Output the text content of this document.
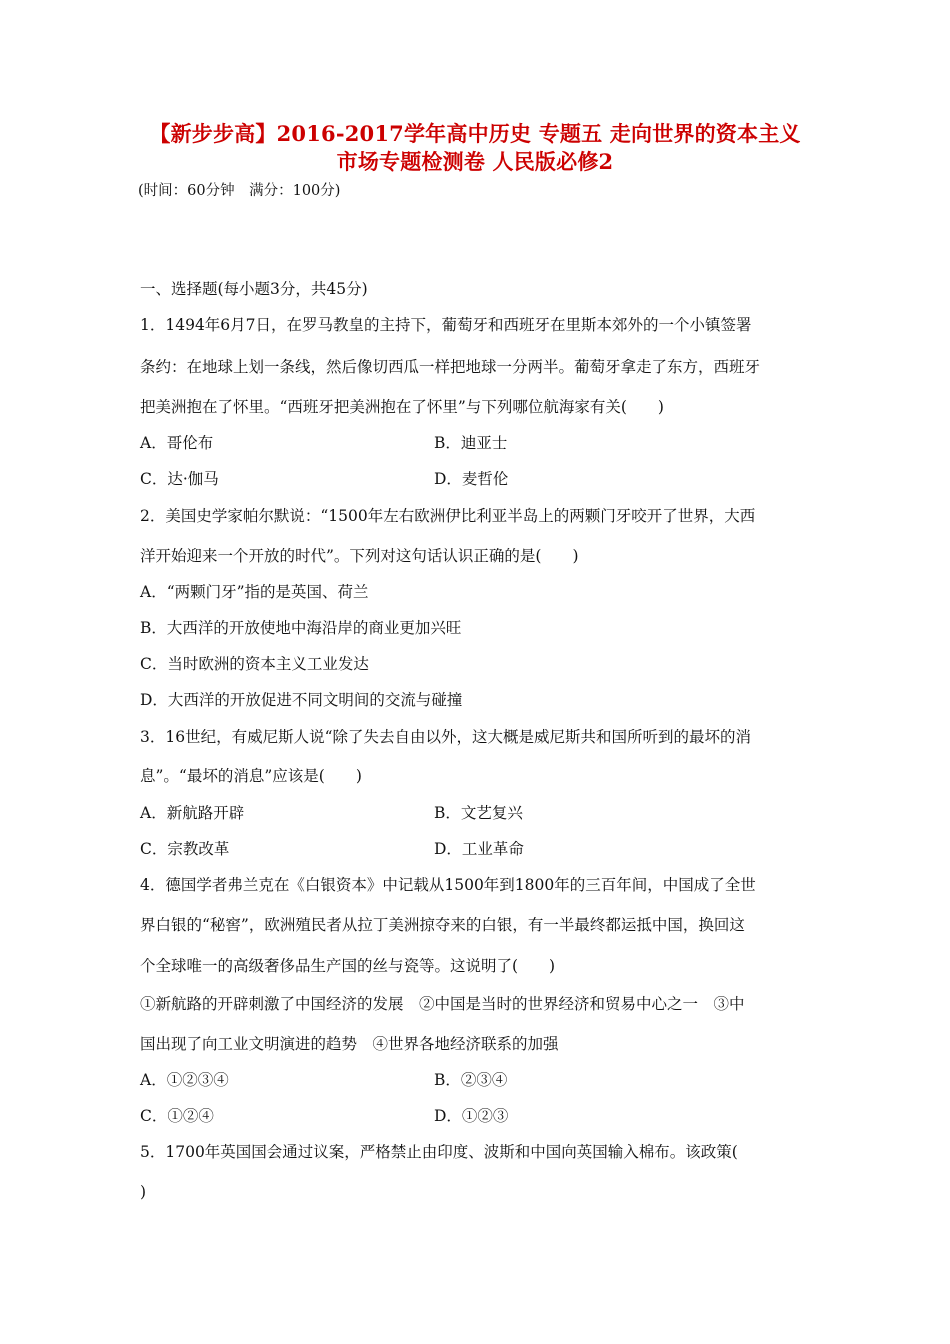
【新步步高】2016-2017学年高中历史 专题五 走向世界的资本主义
市场专题检测卷 人民版必修2
(时间：60分钟　满分：100分)
一、选择题(每小题3分，共45分)
1．1494年6月7日，在罗马教皇的主持下，葡萄牙和西班牙在里斯本郊外的一个小镇签署
条约：在地球上划一条线，然后像切西瓜一样把地球一分两半。葡萄牙拿走了东方，西班牙
把美洲抱在了怀里。“西班牙把美洲抱在了怀里”与下列哪位航海家有关(　　)
A．哥伦布	B．迪亚士
C．达·伽马	D．麦哲伦
2．美国史学家帕尔默说：“1500年左右欧洲伊比利亚半岛上的两颗门牙咬开了世界，大西
洋开始迎来一个开放的时代”。下列对这句话认识正确的是(　　)
A．“两颗门牙”指的是英国、荷兰
B．大西洋的开放使地中海沿岸的商业更加兴旺
C．当时欧洲的资本主义工业发达
D．大西洋的开放促进不同文明间的交流与碰撞
3．16世纪，有威尼斯人说“除了失去自由以外，这大概是威尼斯共和国所听到的最坏的消
息”。“最坏的消息”应该是(　　)
A．新航路开辟	B．文艺复兴
C．宗教改革	D．工业革命
4．德国学者弗兰克在《白银资本》中记载从1500年到1800年的三百年间，中国成了全世
界白银的“秘窖”，欧洲殖民者从拉丁美洲掠夺来的白银，有一半最终都运抵中国，换回这
个全球唯一的高级奢侈品生产国的丝与瓷等。这说明了(　　)
①新航路的开辟刺激了中国经济的发展　②中国是当时的世界经济和贸易中心之一　③中
国出现了向工业文明演进的趋势　④世界各地经济联系的加强
A．①②③④	B．②③④
C．①②④	D．①②③
5．1700年英国国会通过议案，严格禁止由印度、波斯和中国向英国输入棉布。该政策(
)
